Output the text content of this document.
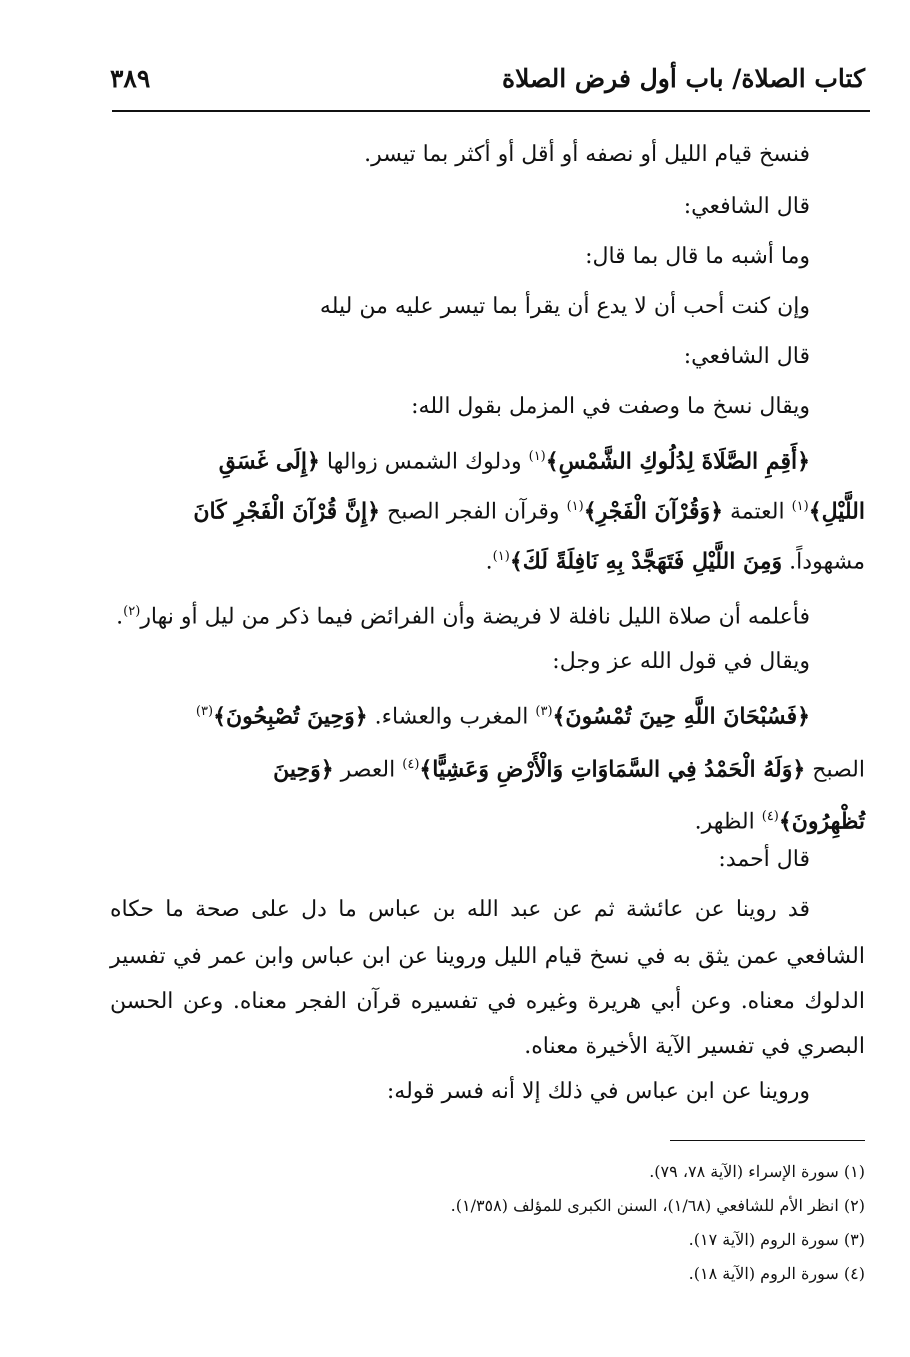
كتاب الصلاة/ باب أول فرض الصلاة
٣٨٩
فنسخ قيام الليل أو نصفه أو أقل أو أكثر بما تيسر.
قال الشافعي:
وما أشبه ما قال بما قال:
وإن كنت أحب أن لا يدع أن يقرأ بما تيسر عليه من ليله
قال الشافعي:
ويقال نسخ ما وصفت في المزمل بقول الله:
﴿أَقِمِ الصَّلَاةَ لِدُلُوكِ الشَّمْسِ﴾$^{(١)}$ ودلوك الشمس زوالها ﴿إِلَى غَسَقِ
اللَّيْلِ﴾$^{(١)}$ العتمة ﴿وَقُرْآنَ الْفَجْرِ﴾$^{(١)}$ وقرآن الفجر الصبح ﴿إِنَّ قُرْآنَ الْفَجْرِ كَانَ
مشهوداً. وَمِنَ اللَّيْلِ فَتَهَجَّدْ بِهِ نَافِلَةً لَكَ﴾$^{(١)}$.
فأعلمه أن صلاة الليل نافلة لا فريضة وأن الفرائض فيما ذكر من ليل أو نهار$^{(٢)}$.
ويقال في قول الله عز وجل:
﴿فَسُبْحَانَ اللَّهِ حِينَ تُمْسُونَ﴾$^{(٣)}$ المغرب والعشاء. ﴿وَحِينَ تُصْبِحُونَ﴾$^{(٣)}$
الصبح ﴿وَلَهُ الْحَمْدُ فِي السَّمَاوَاتِ وَالْأَرْضِ وَعَشِيًّا﴾$^{(٤)}$ العصر ﴿وَحِينَ
تُظْهِرُونَ﴾$^{(٤)}$ الظهر.
قال أحمد:
قد روينا عن عائشة ثم عن عبد الله بن عباس ما دل على صحة ما حكاه
الشافعي عمن يثق به في نسخ قيام الليل وروينا عن ابن عباس وابن عمر في تفسير
الدلوك معناه. وعن أبي هريرة وغيره في تفسيره قرآن الفجر معناه. وعن الحسن
البصري في تفسير الآية الأخيرة معناه.
وروينا عن ابن عباس في ذلك إلا أنه فسر قوله:
(١) سورة الإسراء (الآية ٧٨، ٧٩).
(٢) انظر الأم للشافعي (١/٦٨)، السنن الكبرى للمؤلف (١/٣٥٨).
(٣) سورة الروم (الآية ١٧).
(٤) سورة الروم (الآية ١٨).
